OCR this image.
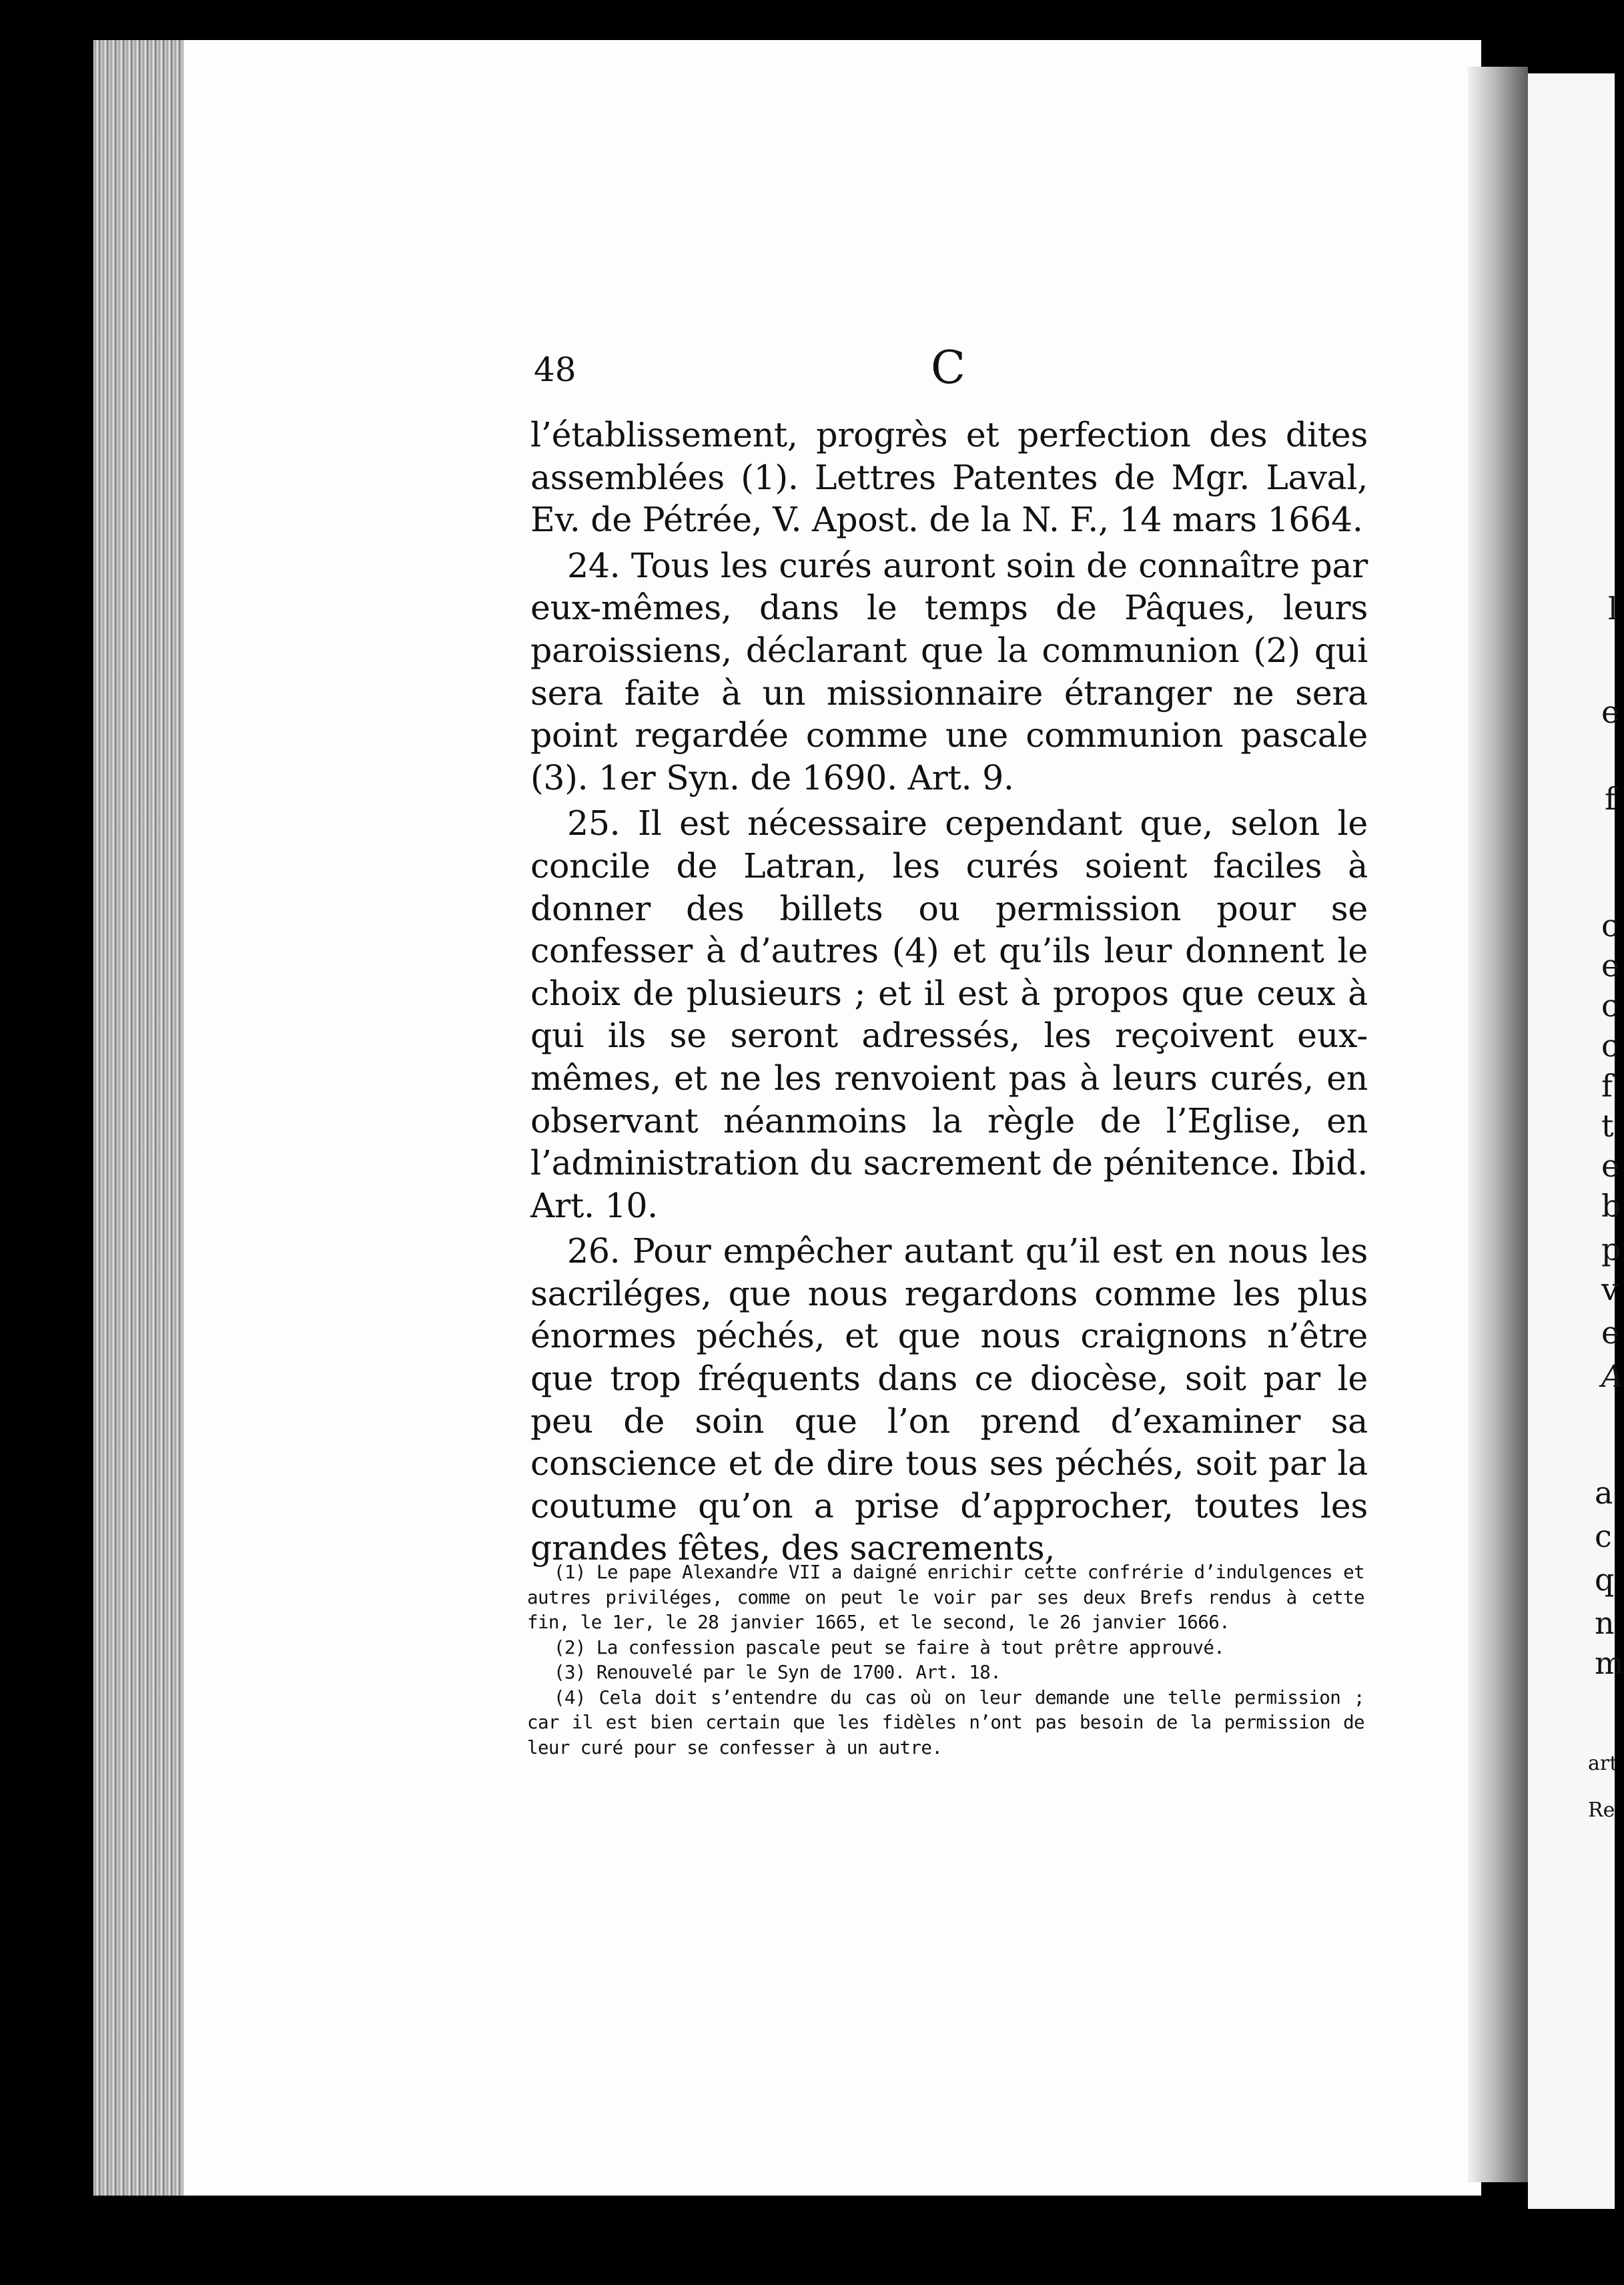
l
e
f
c
e
c
c
f
t
e
b
p
v
e
A
a
c
q
n
m
art
Re
48	C

l’établissement, progrès et perfection des dites assemblées (1). Lettres Patentes de Mgr. Laval, Ev. de Pétrée, V. Apost. de la N. F., 14 mars 1664.

24. Tous les curés auront soin de connaître par eux-mêmes, dans le temps de Pâques, leurs paroissiens, déclarant que la communion (2) qui sera faite à un missionnaire étranger ne sera point regardée comme une communion pascale (3). 1er Syn. de 1690. Art. 9.

25. Il est nécessaire cependant que, selon le concile de Latran, les curés soient faciles à donner des billets ou permission pour se confesser à d’autres (4) et qu’ils leur donnent le choix de plusieurs ; et il est à propos que ceux à qui ils se seront adressés, les reçoivent eux-mêmes, et ne les renvoient pas à leurs curés, en observant néanmoins la règle de l’Eglise, en l’administration du sacrement de pénitence. Ibid. Art. 10.

26. Pour empêcher autant qu’il est en nous les sacriléges, que nous regardons comme les plus énormes péchés, et que nous craignons n’être que trop fréquents dans ce diocèse, soit par le peu de soin que l’on prend d’examiner sa conscience et de dire tous ses péchés, soit par la coutume qu’on a prise d’approcher, toutes les grandes fêtes, des sacrements,

(1) Le pape Alexandre VII a daigné enrichir cette confrérie d’indulgences et autres priviléges, comme on peut le voir par ses deux Brefs rendus à cette fin, le 1er, le 28 janvier 1665, et le second, le 26 janvier 1666.

(2) La confession pascale peut se faire à tout prêtre approuvé.

(3) Renouvelé par le Syn de 1700. Art. 18.

(4) Cela doit s’entendre du cas où on leur demande une telle permission ; car il est bien certain que les fidèles n’ont pas besoin de la permission de leur curé pour se confesser à un autre.
